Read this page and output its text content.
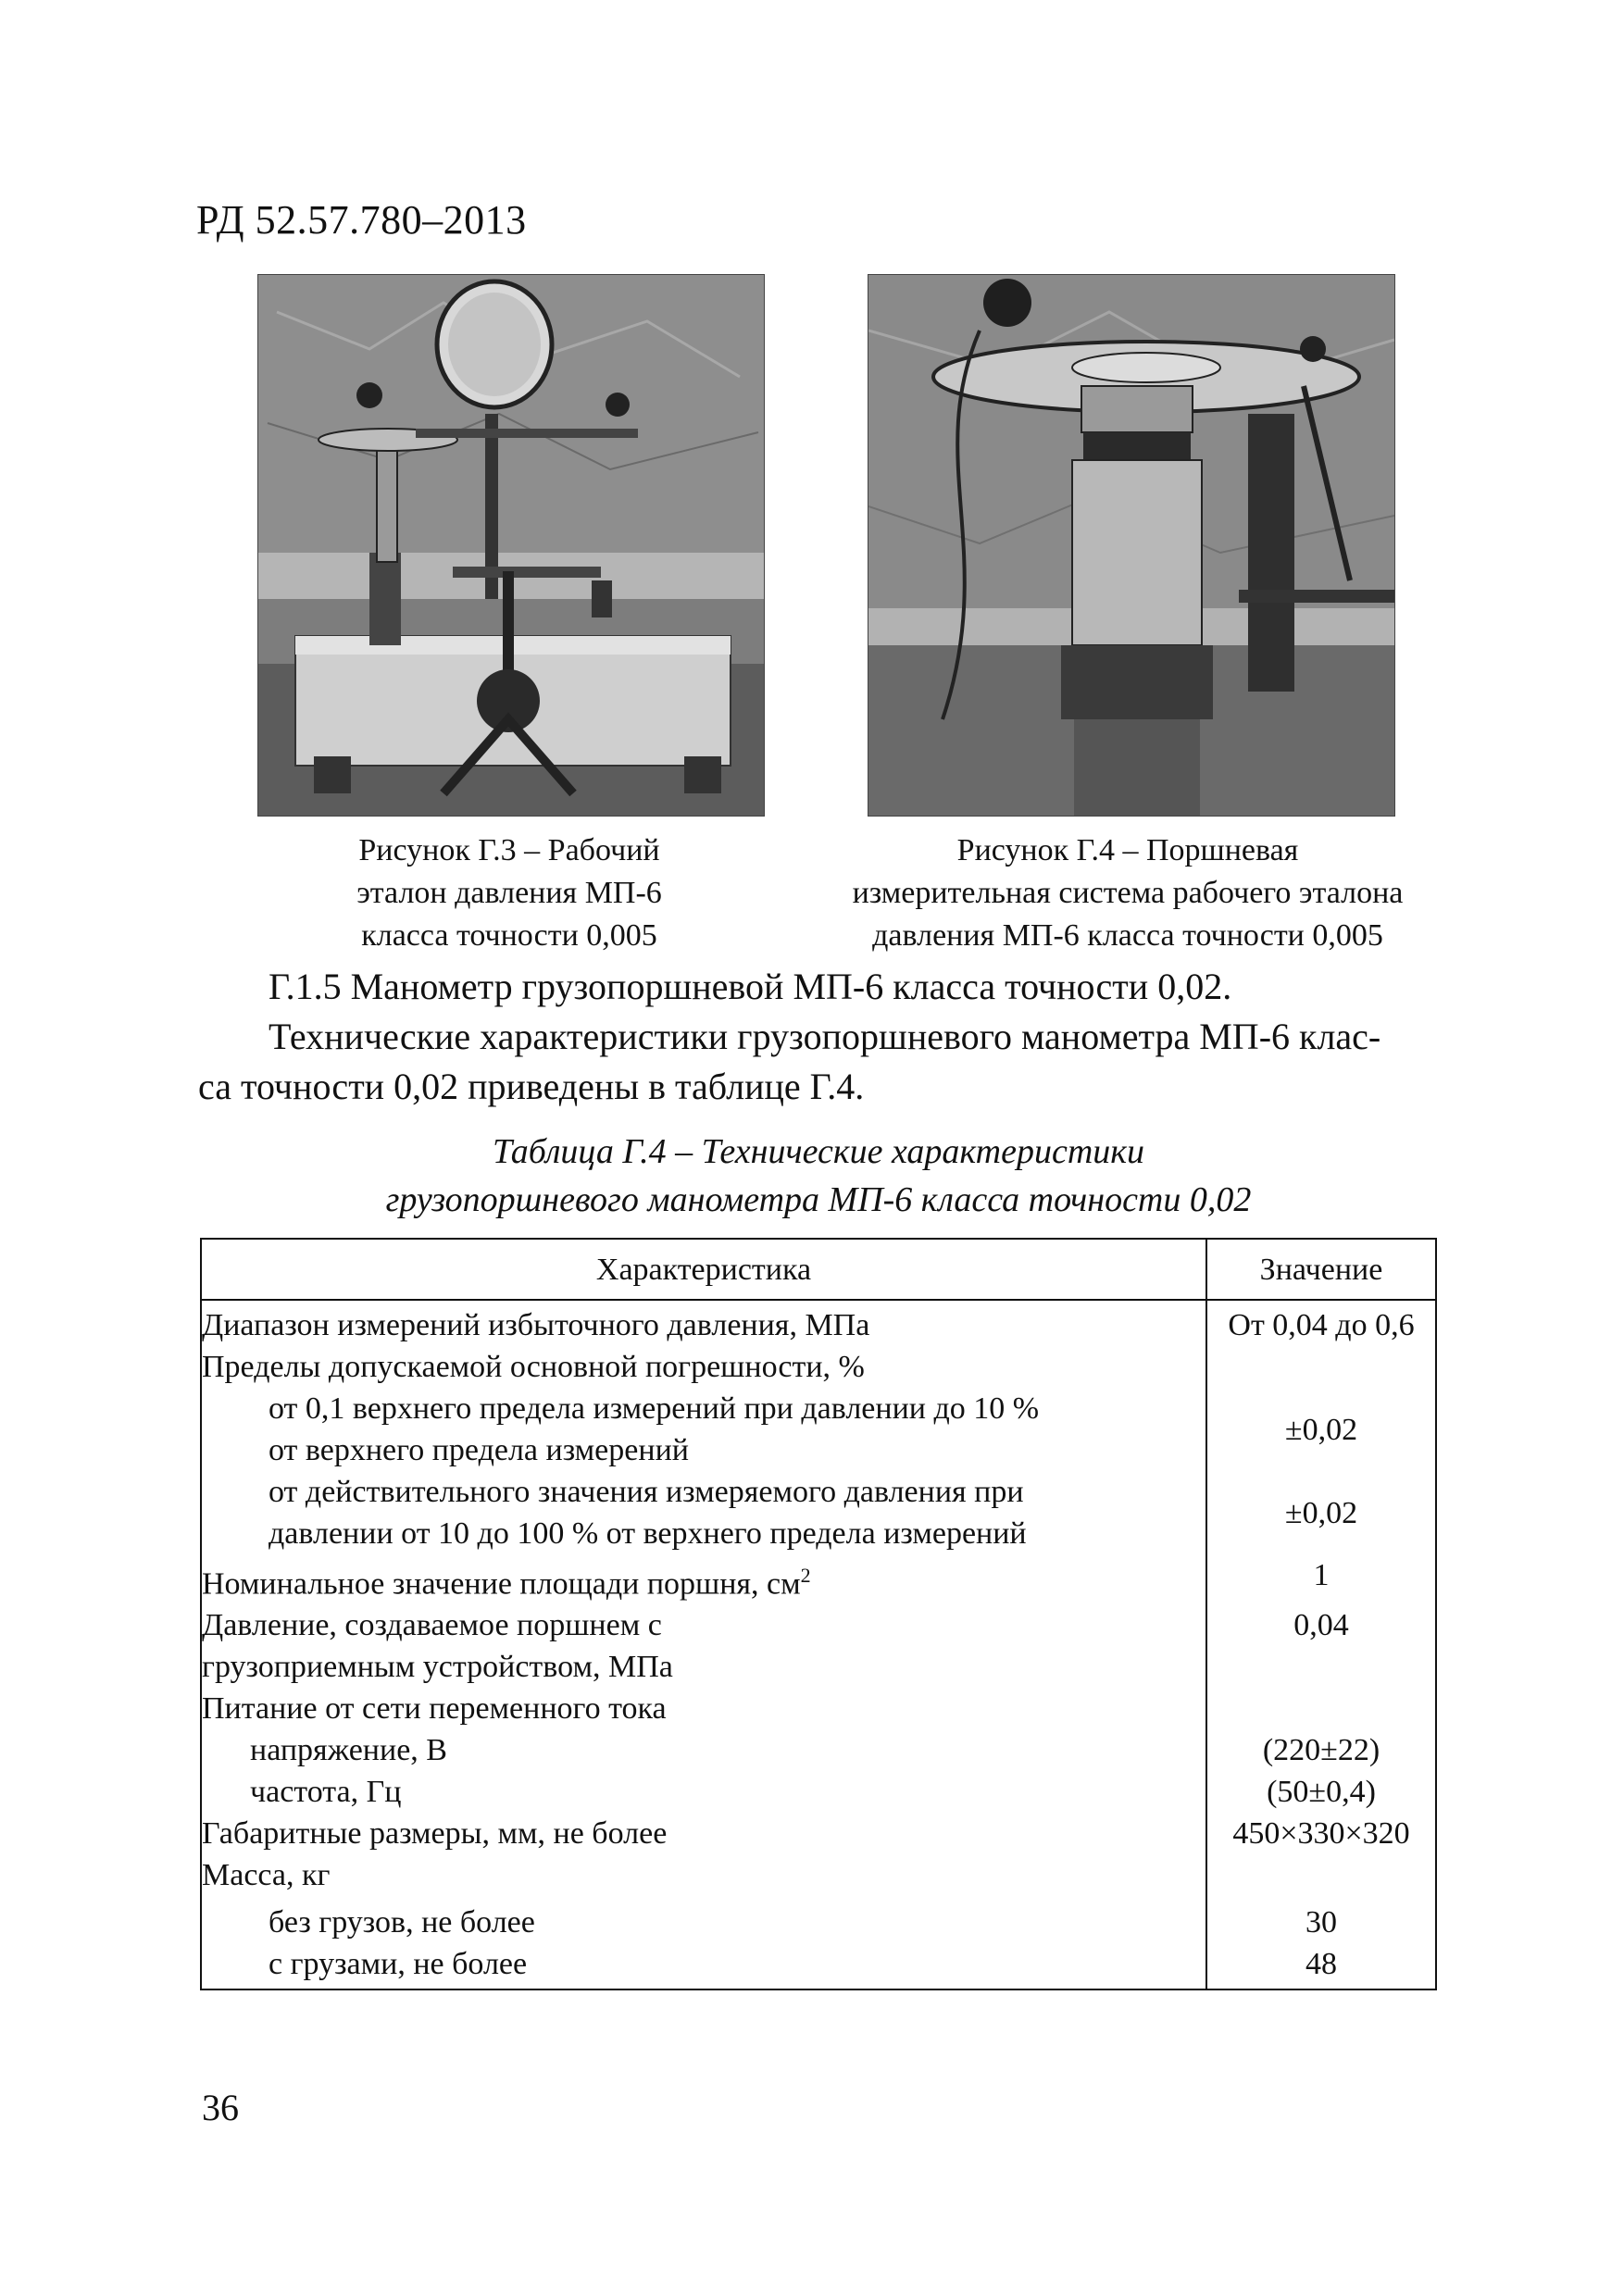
РД 52.57.780–2013
Рисунок Г.3 – Рабочий
эталон давления МП-6
класса точности 0,005
Рисунок Г.4 – Поршневая
измерительная система рабочего эталона
давления МП-6 класса точности 0,005
Г.1.5 Манометр грузопоршневой МП-6 класса точности 0,02.
Технические характеристики грузопоршневого манометра МП-6 клас-
са точности 0,02 приведены в таблице Г.4.
Таблица Г.4 – Технические характеристики
грузопоршневого манометра МП-6 класса точности 0,02
Характеристика	Значение
Диапазон измерений избыточного давления, МПа	От 0,04 до 0,6
Пределы допускаемой основной погрешности, %	
от 0,1 верхнего предела измерений при давлении до 10 % от верхнего предела измерений	±0,02
от действительного значения измеряемого давления при давлении от 10 до 100 % от верхнего предела измерений	±0,02
Номинальное значение площади поршня, $см^2$	1
Давление, создаваемое поршнем с грузоприемным устройством, МПа	0,04
Питание от сети переменного тока	
напряжение, В	(220±22)
частота, Гц	(50±0,4)
Габаритные размеры, мм, не более	450×330×320
Масса, кг	
без грузов, не более	30
с грузами, не более	48
36
